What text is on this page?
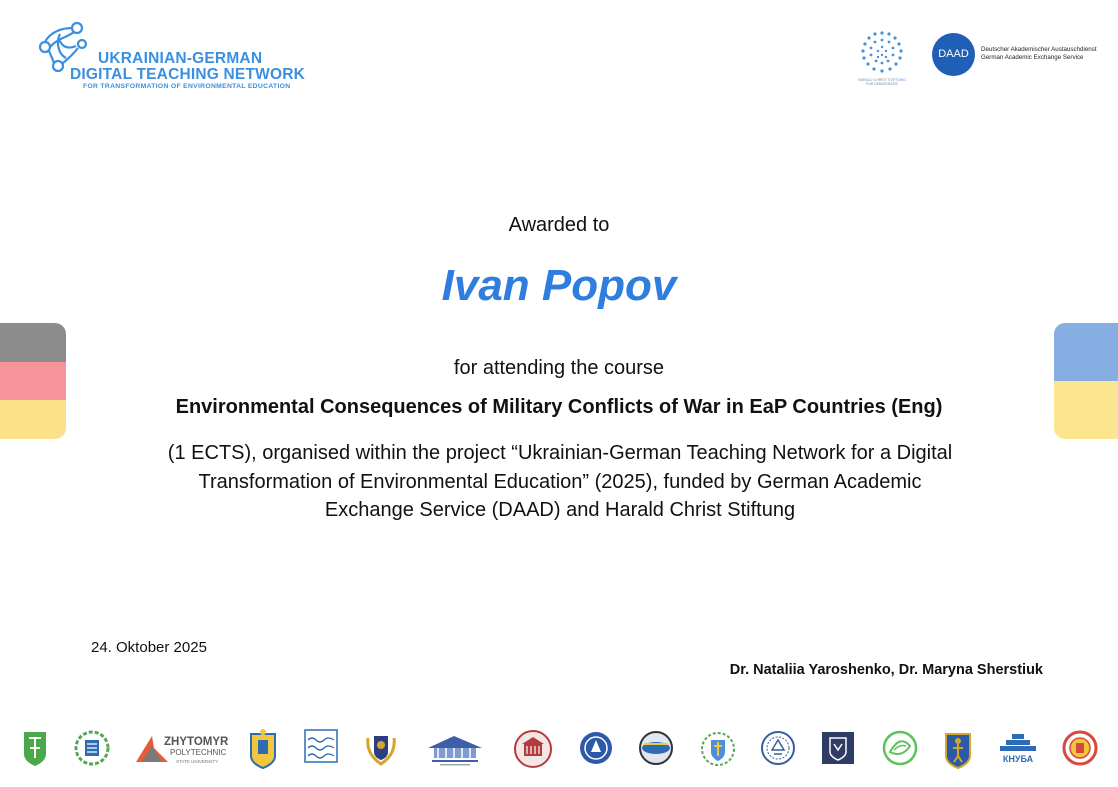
UKRAINIAN-GERMAN
DIGITAL TEACHING NETWORK
FOR TRANSFORMATION OF ENVIRONMENTAL EDUCATION
HARALD CHRIST STIFTUNG FÜR DEMOKRATIE
DAAD	Deutscher Akademischer Austauschdienst
German Academic Exchange Service
Awarded to
Ivan Popov
for attending the course
Environmental Consequences of Military Conflicts of War in EaP Countries (Eng)
(1 ECTS), organised within the project “Ukrainian-German Teaching Network for a Digital
Transformation of Environmental Education” (2025), funded by German Academic
Exchange Service (DAAD) and Harald Christ Stiftung
24. Oktober 2025
Dr. Nataliia Yaroshenko, Dr. Maryna Sherstiuk
ZHYTOMYR
POLYTECHNIC
STATE UNIVERSITY	КНУБА
